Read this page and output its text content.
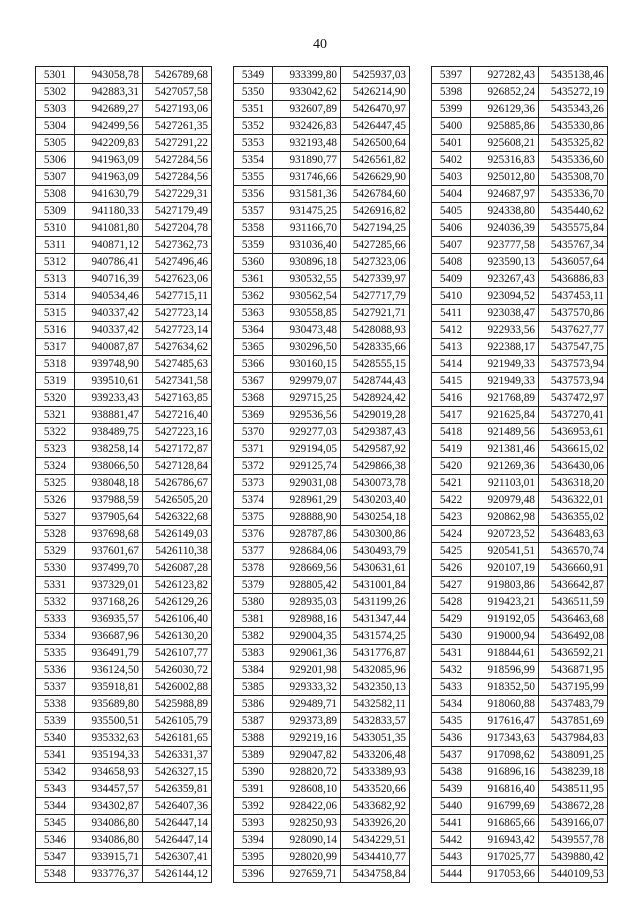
40
5301	943058,78	5426789,68
5302	942883,31	5427057,58
5303	942689,27	5427193,06
5304	942499,56	5427261,35
5305	942209,83	5427291,22
5306	941963,09	5427284,56
5307	941963,09	5427284,56
5308	941630,79	5427229,31
5309	941180,33	5427179,49
5310	941081,80	5427204,78
5311	940871,12	5427362,73
5312	940786,41	5427496,46
5313	940716,39	5427623,06
5314	940534,46	5427715,11
5315	940337,42	5427723,14
5316	940337,42	5427723,14
5317	940087,87	5427634,62
5318	939748,90	5427485,63
5319	939510,61	5427341,58
5320	939233,43	5427163,85
5321	938881,47	5427216,40
5322	938489,75	5427223,16
5323	938258,14	5427172,87
5324	938066,50	5427128,84
5325	938048,18	5426786,67
5326	937988,59	5426505,20
5327	937905,64	5426322,68
5328	937698,68	5426149,03
5329	937601,67	5426110,38
5330	937499,70	5426087,28
5331	937329,01	5426123,82
5332	937168,26	5426129,26
5333	936935,57	5426106,40
5334	936687,96	5426130,20
5335	936491,79	5426107,77
5336	936124,50	5426030,72
5337	935918,81	5426002,88
5338	935689,80	5425988,89
5339	935500,51	5426105,79
5340	935332,63	5426181,65
5341	935194,33	5426331,37
5342	934658,93	5426327,15
5343	934457,57	5426359,81
5344	934302,87	5426407,36
5345	934086,80	5426447,14
5346	934086,80	5426447,14
5347	933915,71	5426307,41
5348	933776,37	5426144,12
5349	933399,80	5425937,03
5350	933042,62	5426214,90
5351	932607,89	5426470,97
5352	932426,83	5426447,45
5353	932193,48	5426500,64
5354	931890,77	5426561,82
5355	931746,66	5426629,90
5356	931581,36	5426784,60
5357	931475,25	5426916,82
5358	931166,70	5427194,25
5359	931036,40	5427285,66
5360	930896,18	5427323,06
5361	930532,55	5427339,97
5362	930562,54	5427717,79
5363	930558,85	5427921,71
5364	930473,48	5428088,93
5365	930296,50	5428335,66
5366	930160,15	5428555,15
5367	929979,07	5428744,43
5368	929715,25	5428924,42
5369	929536,56	5429019,28
5370	929277,03	5429387,43
5371	929194,05	5429587,92
5372	929125,74	5429866,38
5373	929031,08	5430073,78
5374	928961,29	5430203,40
5375	928888,90	5430254,18
5376	928787,86	5430300,86
5377	928684,06	5430493,79
5378	928669,56	5430631,61
5379	928805,42	5431001,84
5380	928935,03	5431199,26
5381	928988,16	5431347,44
5382	929004,35	5431574,25
5383	929061,36	5431776,87
5384	929201,98	5432085,96
5385	929333,32	5432350,13
5386	929489,71	5432582,11
5387	929373,89	5432833,57
5388	929219,16	5433051,35
5389	929047,82	5433206,48
5390	928820,72	5433389,93
5391	928608,10	5433520,66
5392	928422,06	5433682,92
5393	928250,93	5433926,20
5394	928090,14	5434229,51
5395	928020,99	5434410,77
5396	927659,71	5434758,84
5397	927282,43	5435138,46
5398	926852,24	5435272,19
5399	926129,36	5435343,26
5400	925885,86	5435330,86
5401	925608,21	5435325,82
5402	925316,83	5435336,60
5403	925012,80	5435308,70
5404	924687,97	5435336,70
5405	924338,80	5435440,62
5406	924036,39	5435575,84
5407	923777,58	5435767,34
5408	923590,13	5436057,64
5409	923267,43	5436886,83
5410	923094,52	5437453,11
5411	923038,47	5437570,86
5412	922933,56	5437627,77
5413	922388,17	5437547,75
5414	921949,33	5437573,94
5415	921949,33	5437573,94
5416	921768,89	5437472,97
5417	921625,84	5437270,41
5418	921489,56	5436953,61
5419	921381,46	5436615,02
5420	921269,36	5436430,06
5421	921103,01	5436318,20
5422	920979,48	5436322,01
5423	920862,98	5436355,02
5424	920723,52	5436483,63
5425	920541,51	5436570,74
5426	920107,19	5436660,91
5427	919803,86	5436642,87
5428	919423,21	5436511,59
5429	919192,05	5436463,68
5430	919000,94	5436492,08
5431	918844,61	5436592,21
5432	918596,99	5436871,95
5433	918352,50	5437195,99
5434	918060,88	5437483,79
5435	917616,47	5437851,69
5436	917343,63	5437984,83
5437	917098,62	5438091,25
5438	916896,16	5438239,18
5439	916816,40	5438511,95
5440	916799,69	5438672,28
5441	916865,66	5439166,07
5442	916943,42	5439557,78
5443	917025,77	5439880,42
5444	917053,66	5440109,53
